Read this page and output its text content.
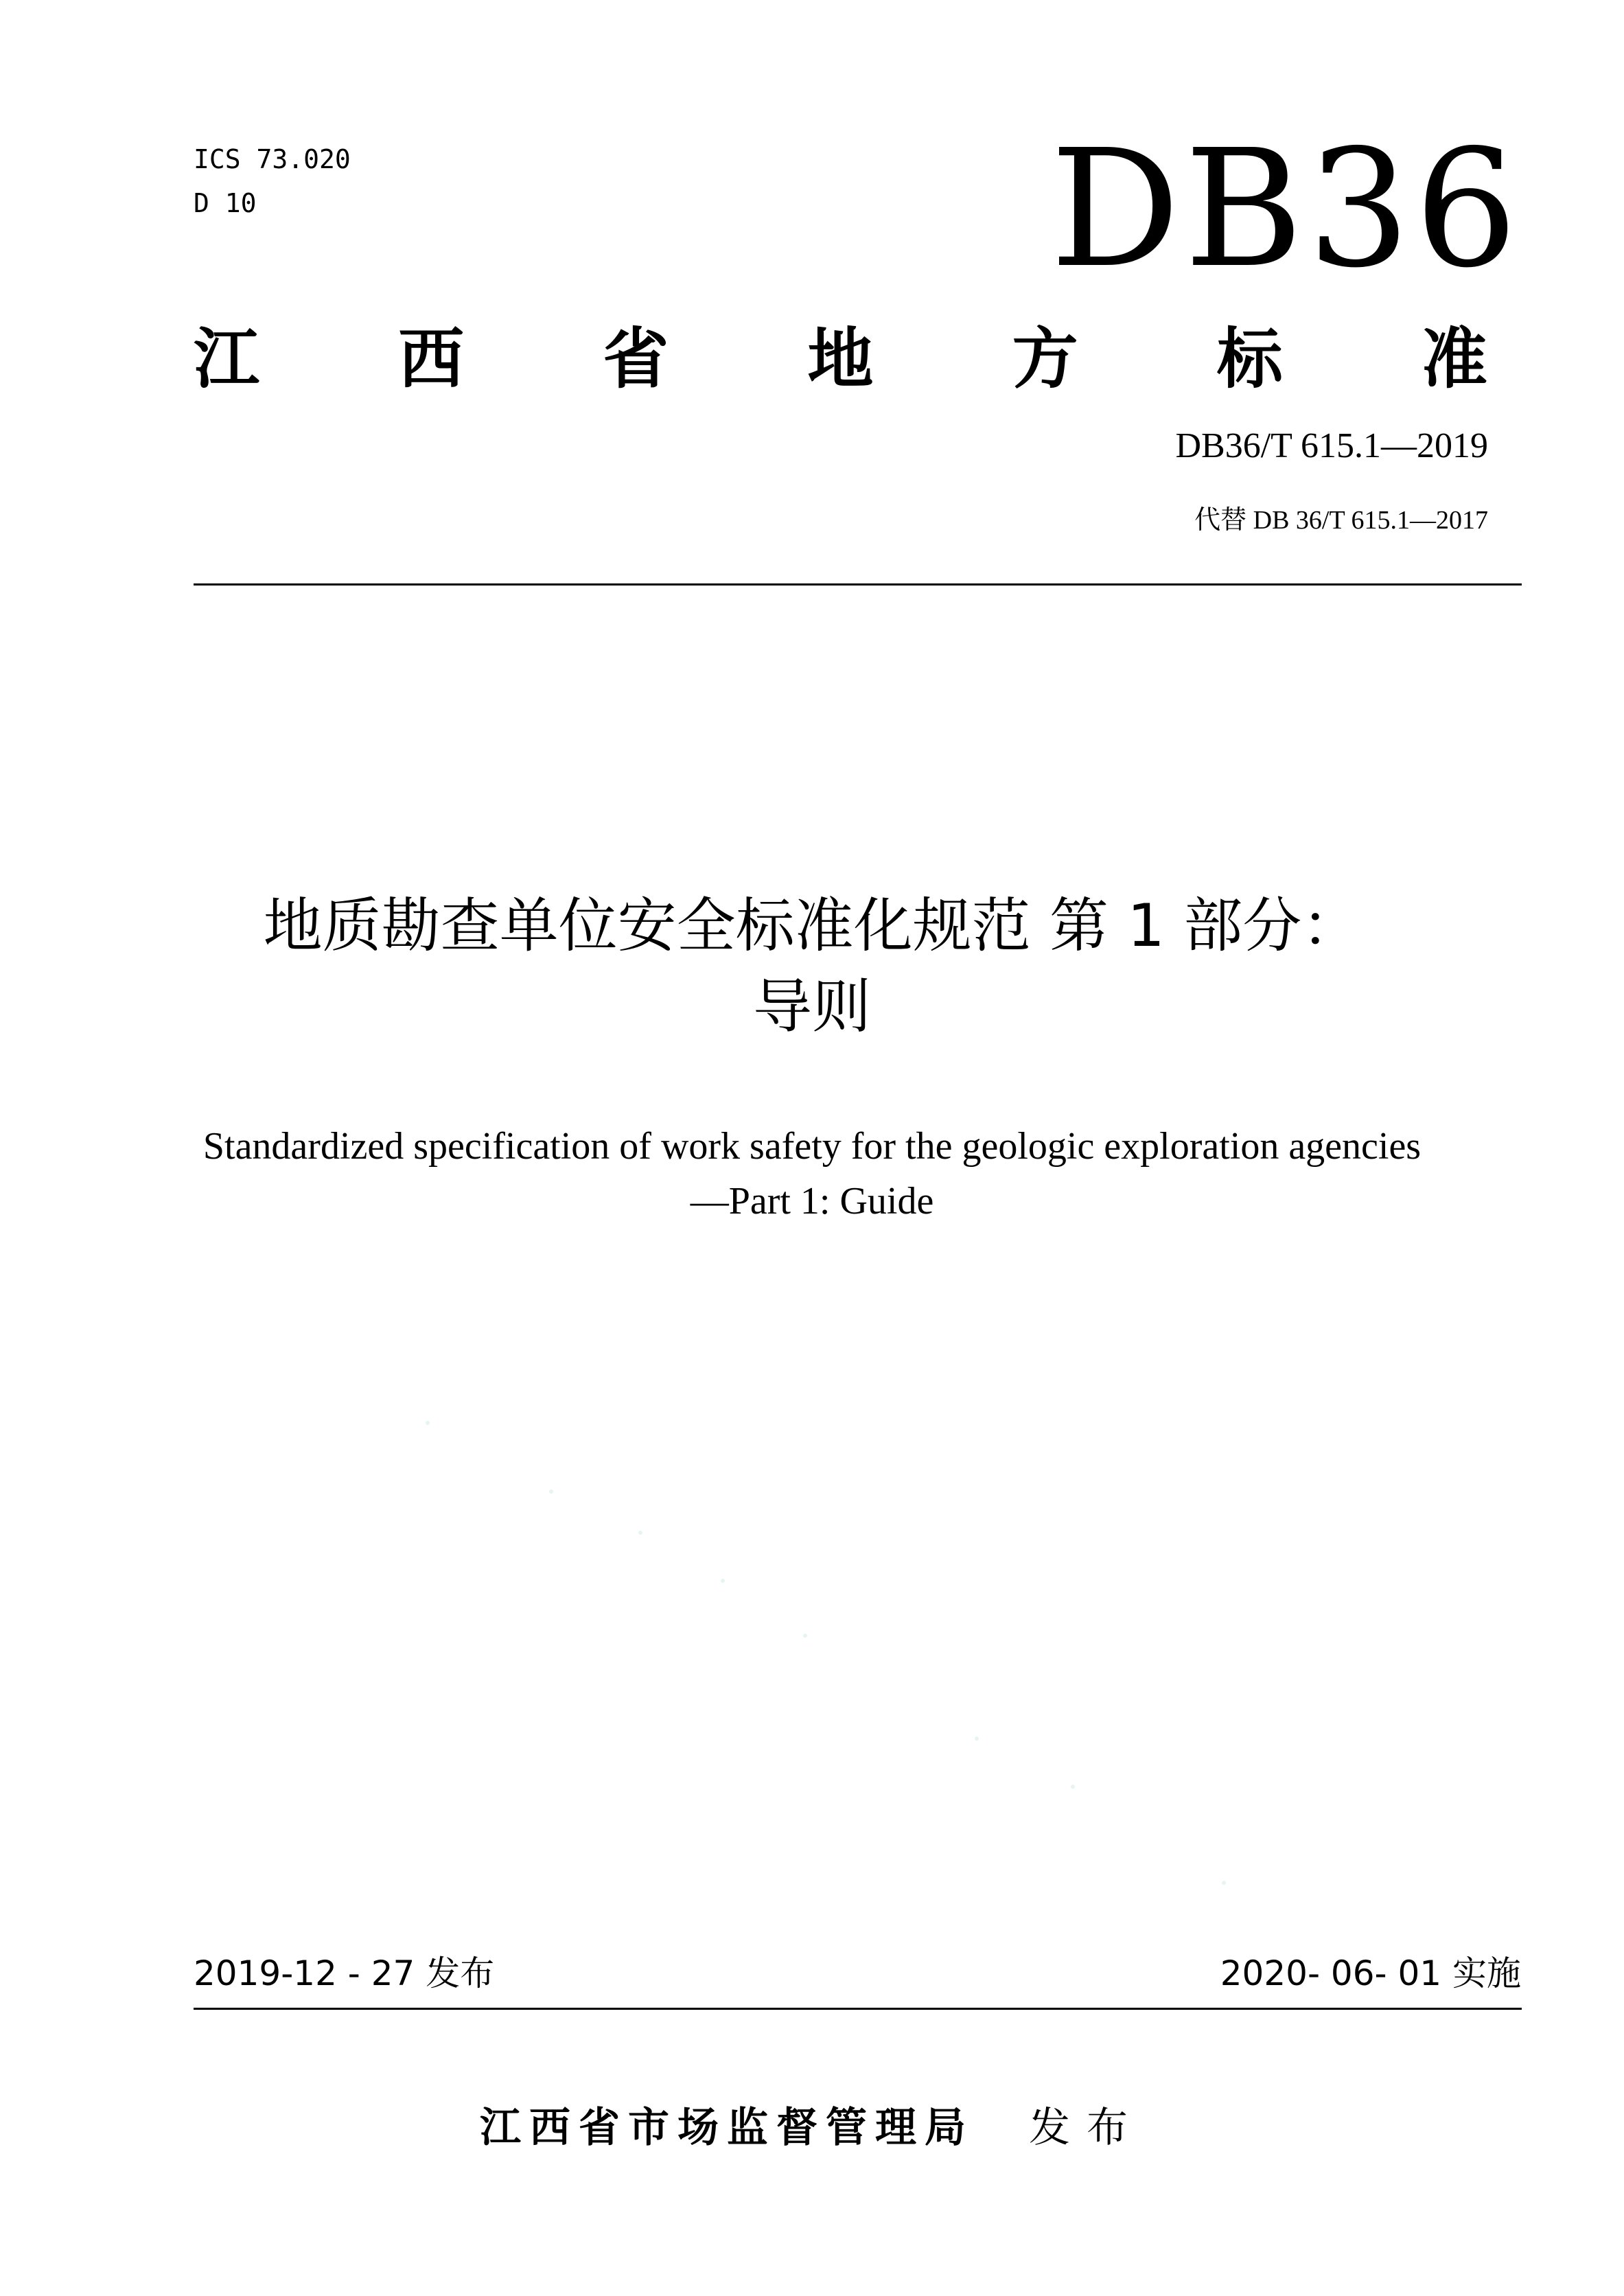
ICS 73.020
D 10	DB36
江 西 省 地 方 标 准
DB36/T 615.1—2019
代替 DB 36/T 615.1—2017
地质勘查单位安全标准化规范 第 1 部分：
导则
Standardized specification of work safety for the geologic exploration agencies
—Part 1: Guide
2019-12 - 27 发布	2020- 06- 01 实施
江西省市场监督管理局 发布
